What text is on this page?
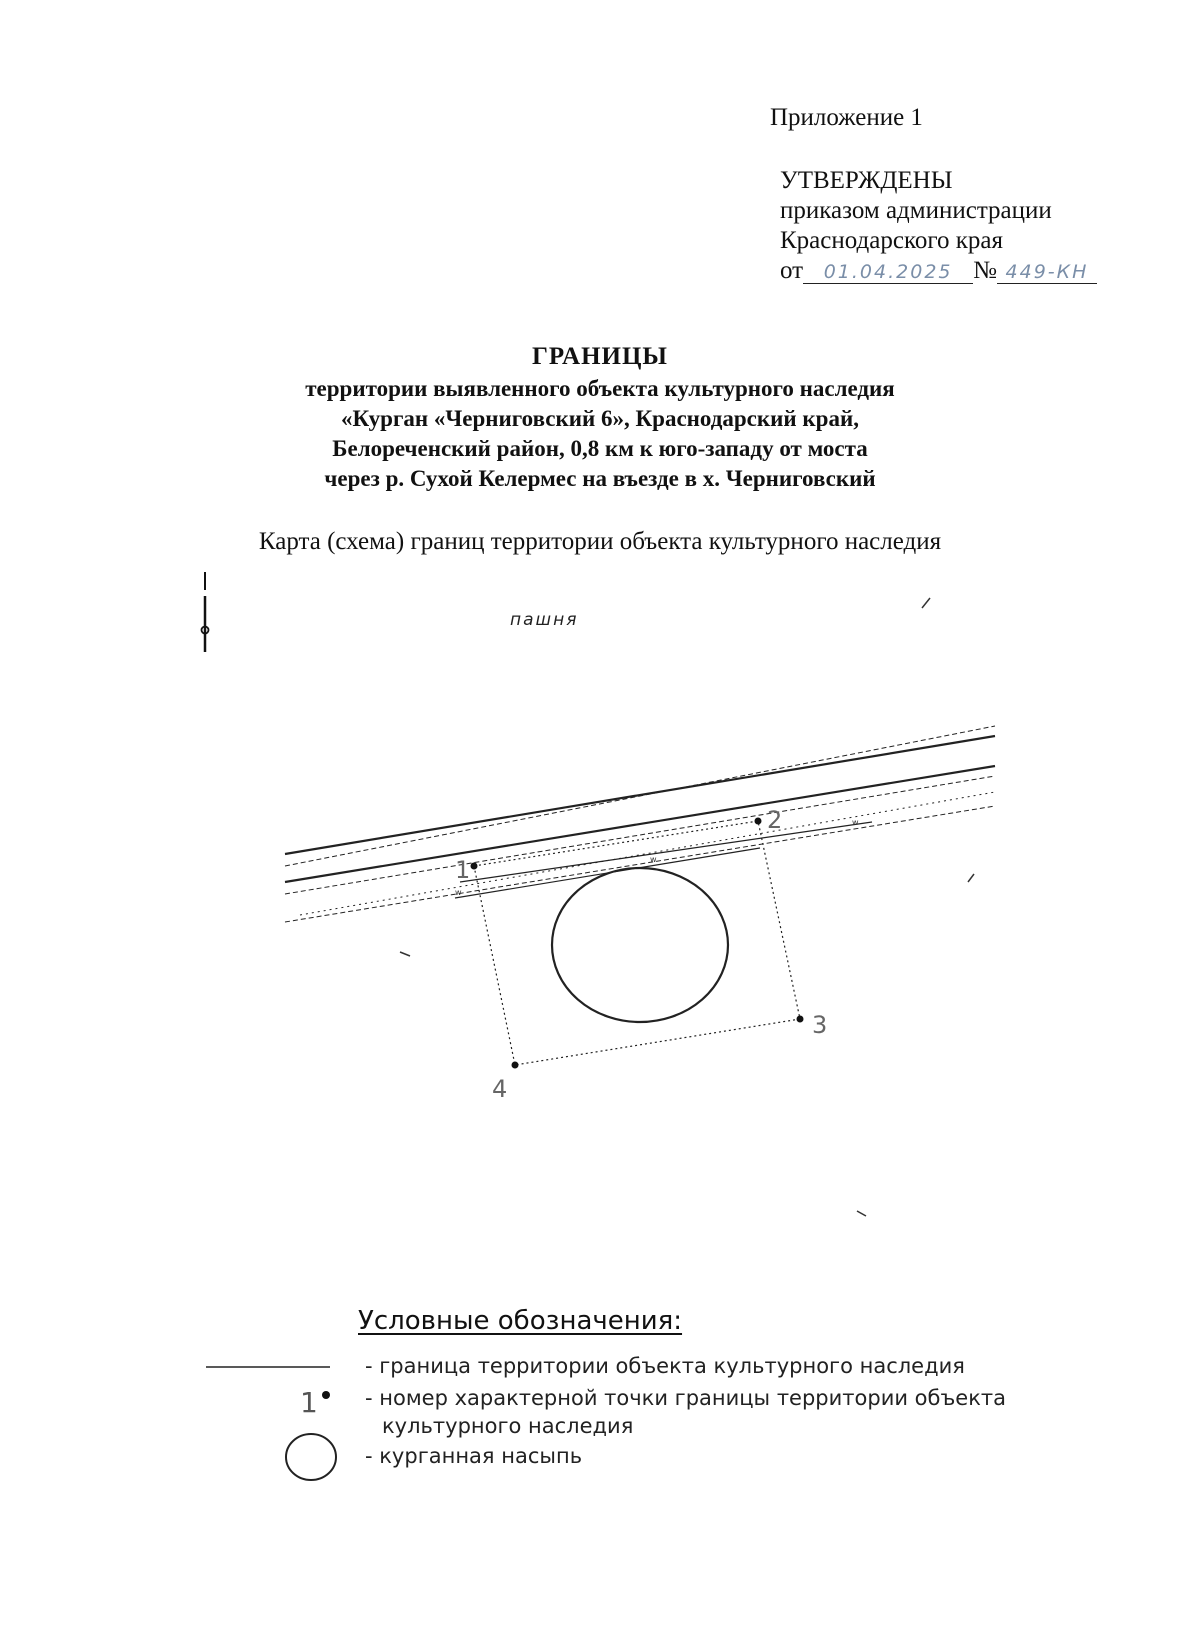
Приложение 1
УТВЕРЖДЕНЫ
приказом администрации
Краснодарского края
от 01.04.2025 № 449-КН
ГРАНИЦЫ
территории выявленного объекта культурного наследия
«Курган «Черниговский 6», Краснодарский край,
Белореченский район, 0,8 км к юго-западу от моста
через р. Сухой Келермес на въезде в х. Черниговский
Карта (схема) границ территории объекта культурного наследия
пашня
w
w
w
1
2
3
4
Условные обозначения:
1
- граница территории объекта культурного наследия
- номер характерной точки границы территории объекта
культурного наследия
- курганная насыпь
